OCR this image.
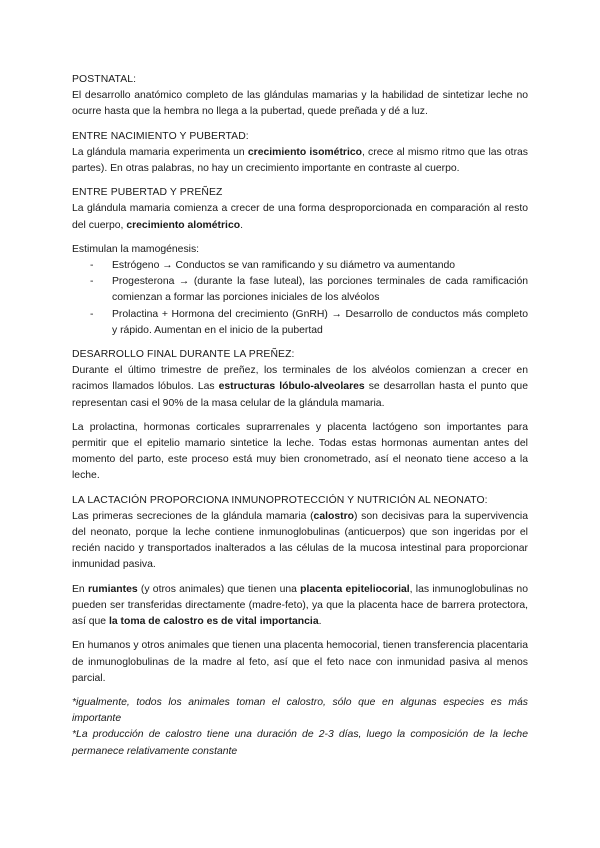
POSTNATAL:

El desarrollo anatómico completo de las glándulas mamarias y la habilidad de sintetizar leche no ocurre hasta que la hembra no llega a la pubertad, quede preñada y dé a luz.

ENTRE NACIMIENTO Y PUBERTAD:

La glándula mamaria experimenta un crecimiento isométrico, crece al mismo ritmo que las otras partes). En otras palabras, no hay un crecimiento importante en contraste al cuerpo.

ENTRE PUBERTAD Y PREÑEZ

La glándula mamaria comienza a crecer de una forma desproporcionada en comparación al resto del cuerpo, crecimiento alométrico.

Estimulan la mamogénesis:

- Estrógeno → Conductos se van ramificando y su diámetro va aumentando
- Progesterona → (durante la fase luteal), las porciones terminales de cada ramificación comienzan a formar las porciones iniciales de los alvéolos
- Prolactina + Hormona del crecimiento (GnRH) → Desarrollo de conductos más completo y rápido. Aumentan en el inicio de la pubertad
DESARROLLO FINAL DURANTE LA PREÑEZ:

Durante el último trimestre de preñez, los terminales de los alvéolos comienzan a crecer en racimos llamados lóbulos. Las estructuras lóbulo-alveolares se desarrollan hasta el punto que representan casi el 90% de la masa celular de la glándula mamaria.

La prolactina, hormonas corticales suprarrenales y placenta lactógeno son importantes para permitir que el epitelio mamario sintetice la leche. Todas estas hormonas aumentan antes del momento del parto, este proceso está muy bien cronometrado, así el neonato tiene acceso a la leche.

LA LACTACIÓN PROPORCIONA INMUNOPROTECCIÓN Y NUTRICIÓN AL NEONATO:

Las primeras secreciones de la glándula mamaria (calostro) son decisivas para la supervivencia del neonato, porque la leche contiene inmunoglobulinas (anticuerpos) que son ingeridas por el recién nacido y transportados inalterados a las células de la mucosa intestinal para proporcionar inmunidad pasiva.

En rumiantes (y otros animales) que tienen una placenta epiteliocorial, las inmunoglobulinas no pueden ser transferidas directamente (madre-feto), ya que la placenta hace de barrera protectora, así que la toma de calostro es de vital importancia.

En humanos y otros animales que tienen una placenta hemocorial, tienen transferencia placentaria de inmunoglobulinas de la madre al feto, así que el feto nace con inmunidad pasiva al menos parcial.

*igualmente, todos los animales toman el calostro, sólo que en algunas especies es más importante

*La producción de calostro tiene una duración de 2-3 días, luego la composición de la leche permanece relativamente constante
